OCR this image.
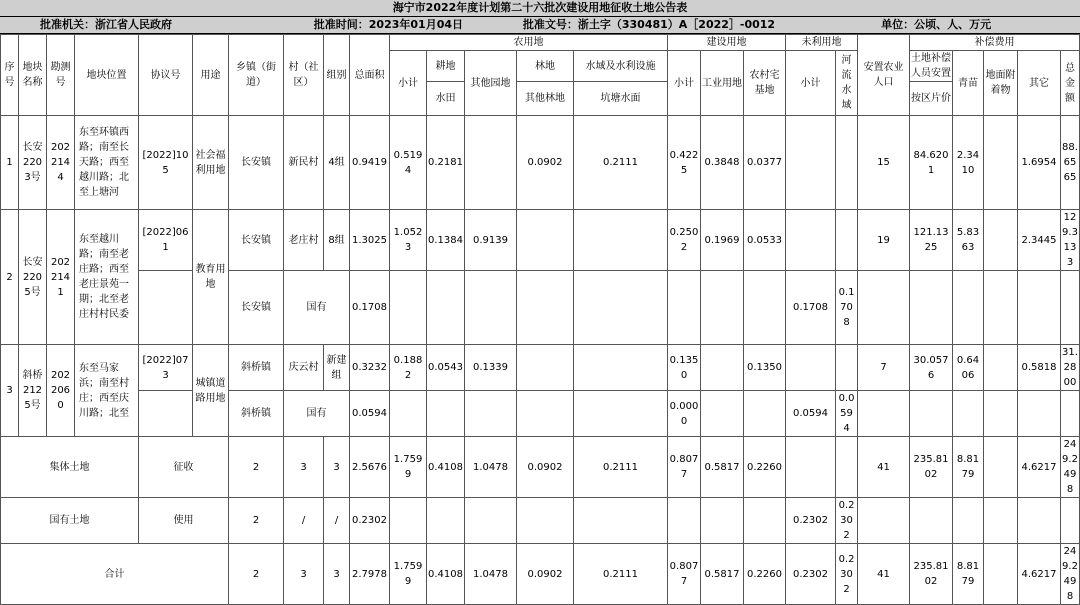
海宁市2022年度计划第二十六批次建设用地征收土地公告表
批准机关：浙江省人民政府	批准时间：2023年01月04日	批准文号：浙土字（330481）A［2022］-0012	单位：公顷、人、万元
序号	地块名称	勘测号	地块位置	协议号	用途	乡镇（街道）	村（社区）	组别	总面积	农用地					建设用地			未利用地		安置农业人口	补偿费用				
										小计	耕地	其他园地	林地	水域及水利设施	小计	工业用地	农村宅基地	小计	河流水域		土地补偿人员安置	青苗	地面附着物	其它	总金额
											水田		其他林地	坑塘水面							按区片价				
1	长安2203号	2022144	东至环镇西路；南至长天路；西至越川路；北至上塘河	[2022]105	社会福利用地	长安镇	新民村	4组	0.9419	0.5194	0.2181		0.0902	0.2111	0.4225	0.3848	0.0377			15	84.6201	2.3410		1.6954	88.6565
2	长安2205号	2022141	东至越川路；南至老庄路；西至老庄景苑一期；北至老庄村村民委	[2022]061	教育用地	长安镇	老庄村	8组	1.3025	1.0523	0.1384	0.9139			0.2502	0.1969	0.0533			19	121.1325	5.8363		2.3445	129.3133
						长安镇	国有		0.1708									0.1708	0.1708						
3	斜桥2125号	2022060	东至马家浜；南至村庄；西至庆川路；北至	[2022]073	城镇道路用地	斜桥镇	庆云村	新建组	0.3232	0.1882	0.0543	0.1339			0.1350		0.1350			7	30.0576	0.6406		0.5818	31.2800
						斜桥镇	国有		0.0594						0.0000			0.0594	0.0594						
集体土地				征收		2	3	3	2.5676	1.7599	0.4108	1.0478	0.0902	0.2111	0.8077	0.5817	0.2260			41	235.8102	8.8179		4.6217	249.2498
国有土地				使用		2	/	/	0.2302									0.2302	0.2302						
合计						2	3	3	2.7978	1.7599	0.4108	1.0478	0.0902	0.2111	0.8077	0.5817	0.2260	0.2302	0.2302	41	235.8102	8.8179		4.6217	249.2498
